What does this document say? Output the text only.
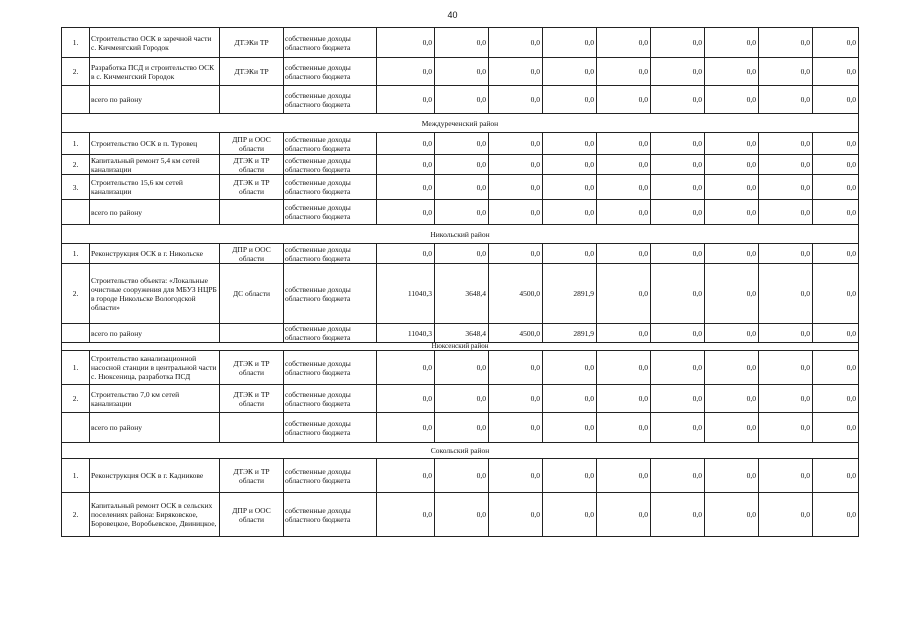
40
1.	Строительство ОСК в заречной части с. Кичменгский Городок	ДТЭКи ТР	собственные доходы областного бюджета	0,0	0,0	0,0	0,0	0,0	0,0	0,0	0,0	0,0
2.	Разработка ПСД и строительство ОСК в с. Кичменгский Городок	ДТЭКи ТР	собственные доходы областного бюджета	0,0	0,0	0,0	0,0	0,0	0,0	0,0	0,0	0,0
	всего по району		собственные доходы областного бюджета	0,0	0,0	0,0	0,0	0,0	0,0	0,0	0,0	0,0
Междуреченский район												
1.	Строительство ОСК в п. Туровец	ДПР и ООС области	собственные доходы областного бюджета	0,0	0,0	0,0	0,0	0,0	0,0	0,0	0,0	0,0
2.	Капитальный ремонт 5,4 км сетей канализации	ДТЭК и ТР области	собственные доходы областного бюджета	0,0	0,0	0,0	0,0	0,0	0,0	0,0	0,0	0,0
3.	Строительство 15,6 км сетей канализации	ДТЭК и ТР области	собственные доходы областного бюджета	0,0	0,0	0,0	0,0	0,0	0,0	0,0	0,0	0,0
	всего по району		собственные доходы областного бюджета	0,0	0,0	0,0	0,0	0,0	0,0	0,0	0,0	0,0
Никольский район												
1.	Реконструкция ОСК в г. Никольске	ДПР и ООС области	собственные доходы областного бюджета	0,0	0,0	0,0	0,0	0,0	0,0	0,0	0,0	0,0
2.	Строительство объекта: «Локальные очистные сооружения для МБУЗ НЦРБ в городе Никольске Вологодской области»	ДС области	собственные доходы областного бюджета	11040,3	3648,4	4500,0	2891,9	0,0	0,0	0,0	0,0	0,0
	всего по району		собственные доходы областного бюджета	11040,3	3648,4	4500,0	2891,9	0,0	0,0	0,0	0,0	0,0
Нюксенский район												
1.	Строительство канализационной насосной станции в центральной части с. Нюксеница, разработка ПСД	ДТЭК и ТР области	собственные доходы областного бюджета	0,0	0,0	0,0	0,0	0,0	0,0	0,0	0,0	0,0
2.	Строительство 7,0 км сетей канализации	ДТЭК и ТР области	собственные доходы областного бюджета	0,0	0,0	0,0	0,0	0,0	0,0	0,0	0,0	0,0
	всего по району		собственные доходы областного бюджета	0,0	0,0	0,0	0,0	0,0	0,0	0,0	0,0	0,0
Сокольский район												
1.	Реконструкция ОСК в г. Кадникове	ДТЭК и ТР области	собственные доходы областного бюджета	0,0	0,0	0,0	0,0	0,0	0,0	0,0	0,0	0,0
2.	Капитальный ремонт ОСК в сельских поселениях района: Биряковское, Боровецкое, Воробьевское, Двиницкое,	ДПР и ООС области	собственные доходы областного бюджета	0,0	0,0	0,0	0,0	0,0	0,0	0,0	0,0	0,0
